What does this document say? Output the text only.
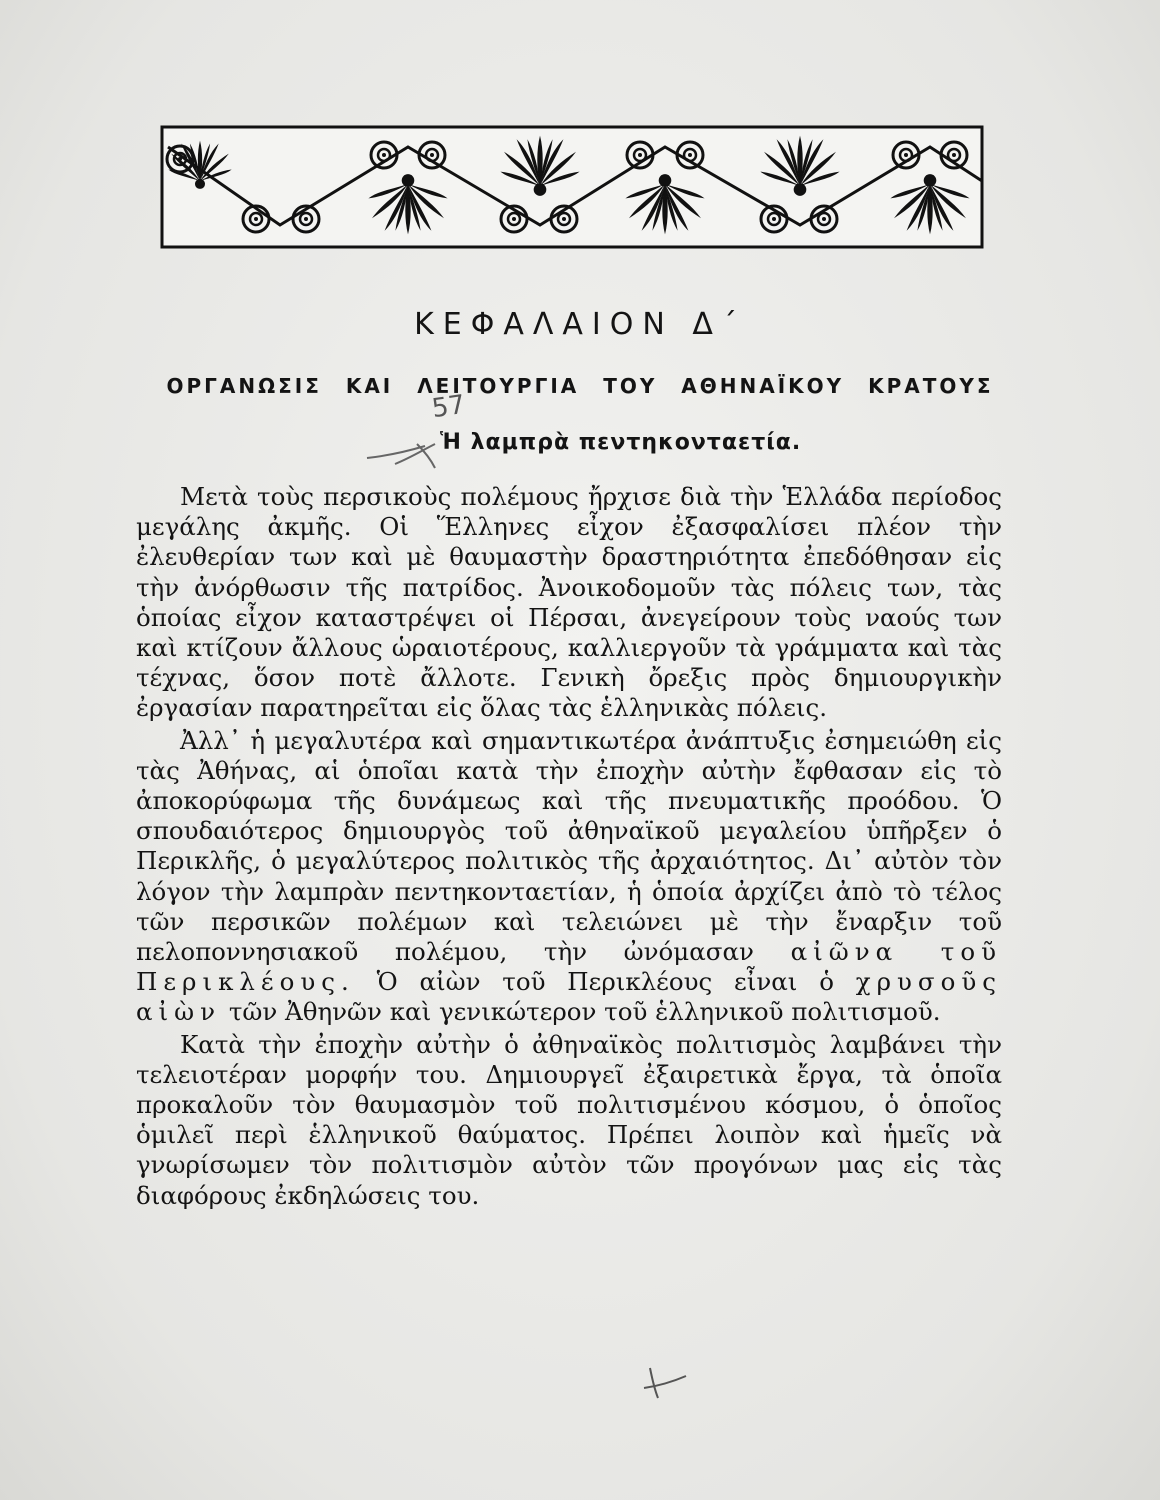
ΚΕΦΑΛΑΙΟΝ Δ΄
ΟΡΓΑΝΩΣΙΣ ΚΑΙ ΛΕΙΤΟΥΡΓΙΑ ΤΟΥ ΑΘΗΝΑΪΚΟΥ ΚΡΑΤΟΥΣ
Ἡ λαμπρὰ πεντηκονταετία.
57

Μετὰ τοὺς περσικοὺς πολέμους ἤρχισε διὰ τὴν Ἑλλάδα περίοδος μεγάλης ἀκμῆς. Οἱ Ἕλληνες εἶχον ἐξασφαλίσει πλέον τὴν ἐλευθερίαν των καὶ μὲ θαυμαστὴν δραστηριότητα ἐπεδόθησαν εἰς τὴν ἀνόρθωσιν τῆς πατρίδος. Ἀνοικοδομοῦν τὰς πόλεις των, τὰς ὁποίας εἶχον καταστρέψει οἱ Πέρσαι, ἀνεγείρουν τοὺς ναούς των καὶ κτίζουν ἄλλους ὡραιοτέρους, καλλιεργοῦν τὰ γράμματα καὶ τὰς τέχνας, ὅσον ποτὲ ἄλλοτε. Γενικὴ ὄρεξις πρὸς δημιουργικὴν ἐργασίαν παρατηρεῖται εἰς ὅλας τὰς ἑλληνικὰς πόλεις.

Ἀλλ᾽ ἡ μεγαλυτέρα καὶ σημαντικωτέρα ἀνάπτυξις ἐσημειώθη εἰς τὰς Ἀθήνας, αἱ ὁποῖαι κατὰ τὴν ἐποχὴν αὐτὴν ἔφθασαν εἰς τὸ ἀποκορύφωμα τῆς δυνάμεως καὶ τῆς πνευματικῆς προόδου. Ὁ σπουδαιότερος δημιουργὸς τοῦ ἀθηναϊκοῦ μεγαλείου ὑπῆρξεν ὁ Περικλῆς, ὁ μεγαλύτερος πολιτικὸς τῆς ἀρχαιότητος. Δι᾽ αὐτὸν τὸν λόγον τὴν λαμπρὰν πεντηκονταετίαν, ἡ ὁποία ἀρχίζει ἀπὸ τὸ τέλος τῶν περσικῶν πολέμων καὶ τελειώνει μὲ τὴν ἔναρξιν τοῦ πελοποννησιακοῦ πολέμου, τὴν ὠνόμασαν αἰῶνα τοῦ Περικλέους. Ὁ αἰὼν τοῦ Περικλέους εἶναι ὁ χρυσοῦς αἰὼν τῶν Ἀθηνῶν καὶ γενικώτερον τοῦ ἑλληνικοῦ πολιτισμοῦ.

Κατὰ τὴν ἐποχὴν αὐτὴν ὁ ἀθηναϊκὸς πολιτισμὸς λαμβάνει τὴν τελειοτέραν μορφήν του. Δημιουργεῖ ἐξαιρετικὰ ἔργα, τὰ ὁποῖα προκαλοῦν τὸν θαυμασμὸν τοῦ πολιτισμένου κόσμου, ὁ ὁποῖος ὁμιλεῖ περὶ ἑλληνικοῦ θαύματος. Πρέπει λοιπὸν καὶ ἡμεῖς νὰ γνωρίσωμεν τὸν πολιτισμὸν αὐτὸν τῶν προγόνων μας εἰς τὰς διαφόρους ἐκδηλώσεις του.
